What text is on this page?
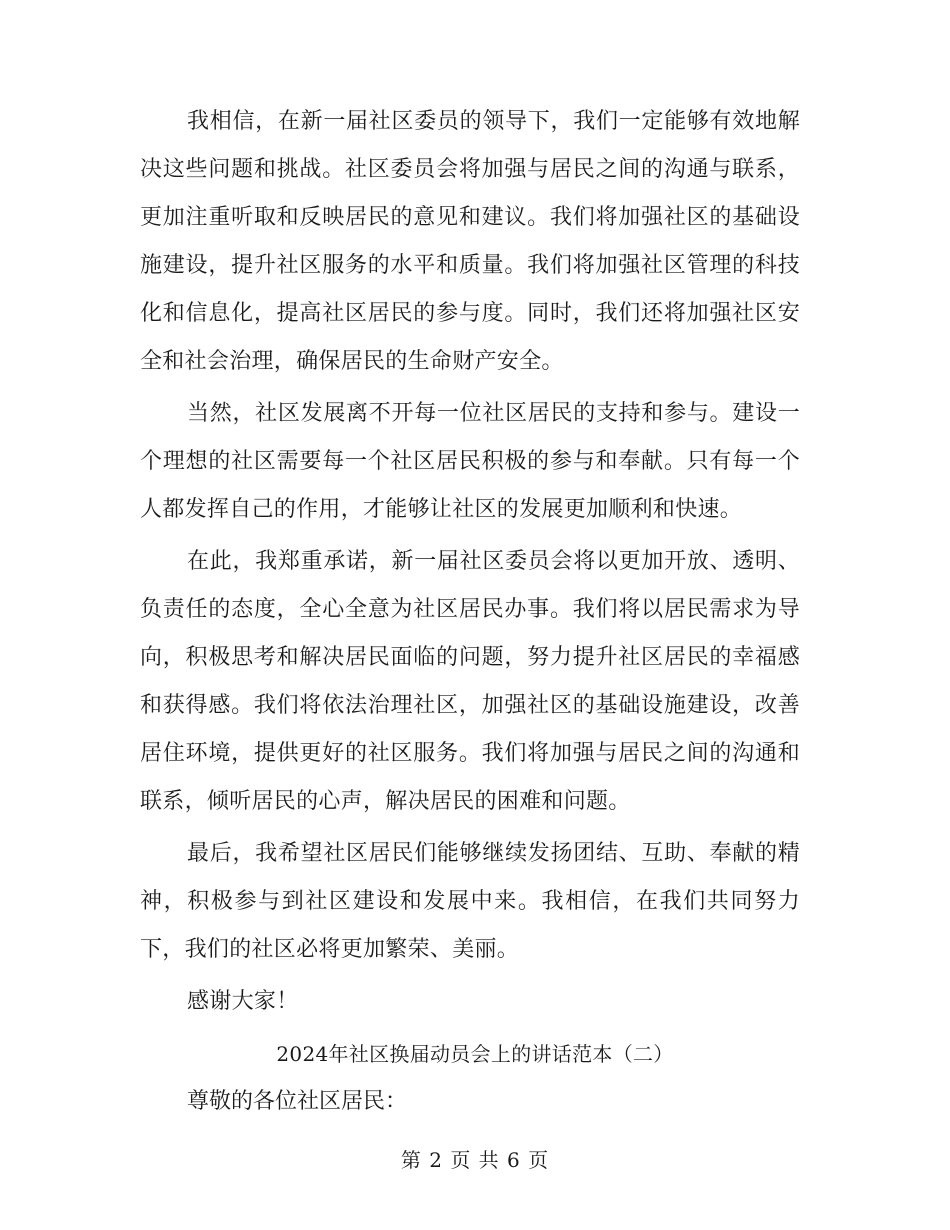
我相信，在新一届社区委员的领导下，我们一定能够有效地解决这些问题和挑战。社区委员会将加强与居民之间的沟通与联系，更加注重听取和反映居民的意见和建议。我们将加强社区的基础设施建设，提升社区服务的水平和质量。我们将加强社区管理的科技化和信息化，提高社区居民的参与度。同时，我们还将加强社区安全和社会治理，确保居民的生命财产安全。

当然，社区发展离不开每一位社区居民的支持和参与。建设一个理想的社区需要每一个社区居民积极的参与和奉献。只有每一个人都发挥自己的作用，才能够让社区的发展更加顺利和快速。

在此，我郑重承诺，新一届社区委员会将以更加开放、透明、负责任的态度，全心全意为社区居民办事。我们将以居民需求为导向，积极思考和解决居民面临的问题，努力提升社区居民的幸福感和获得感。我们将依法治理社区，加强社区的基础设施建设，改善居住环境，提供更好的社区服务。我们将加强与居民之间的沟通和联系，倾听居民的心声，解决居民的困难和问题。

最后，我希望社区居民们能够继续发扬团结、互助、奉献的精神，积极参与到社区建设和发展中来。我相信，在我们共同努力下，我们的社区必将更加繁荣、美丽。

感谢大家！

2024年社区换届动员会上的讲话范本（二）

尊敬的各位社区居民：

第 2 页 共 6 页
